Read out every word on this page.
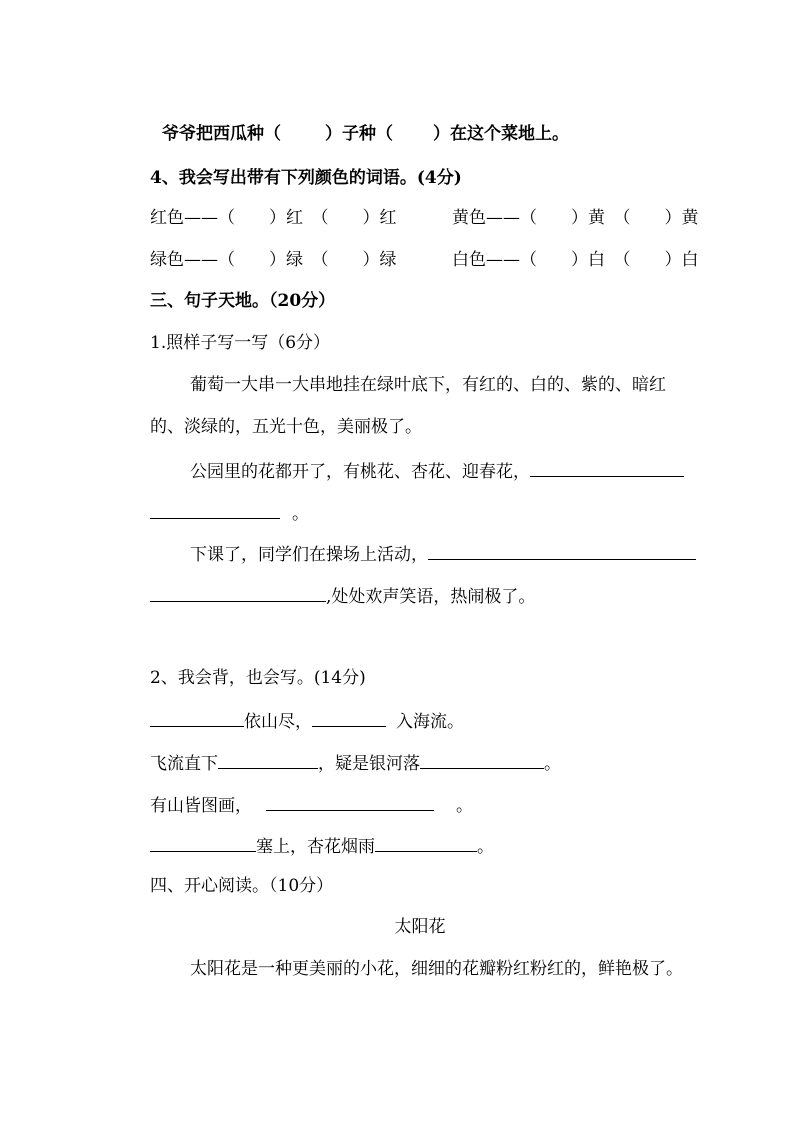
爷爷把西瓜种（	）子种（ ）在这个菜地上。
4、我会写出带有下列颜色的词语。(4分)
红色——（　　）红　（　　）红	黄色——（　　）黄　（　　）黄
绿色——（　　）绿　（　　）绿	白色——（　　）白　（　　）白
三、句子天地。（20分）
1.照样子写一写（6分）
葡萄一大串一大串地挂在绿叶底下，有红的、白的、紫的、暗红
的、淡绿的，五光十色，美丽极了。
公园里的花都开了，有桃花、杏花、迎春花，
。
下课了，同学们在操场上活动，
,处处欢声笑语，热闹极了。
2、我会背，也会写。(14分)
依山尽，	入海流。
飞流直下	，疑是银河落	。
有山皆图画，	。
塞上，杏花烟雨	。
四、开心阅读。（10分）
太阳花
太阳花是一种更美丽的小花，细细的花瓣粉红粉红的，鲜艳极了。
